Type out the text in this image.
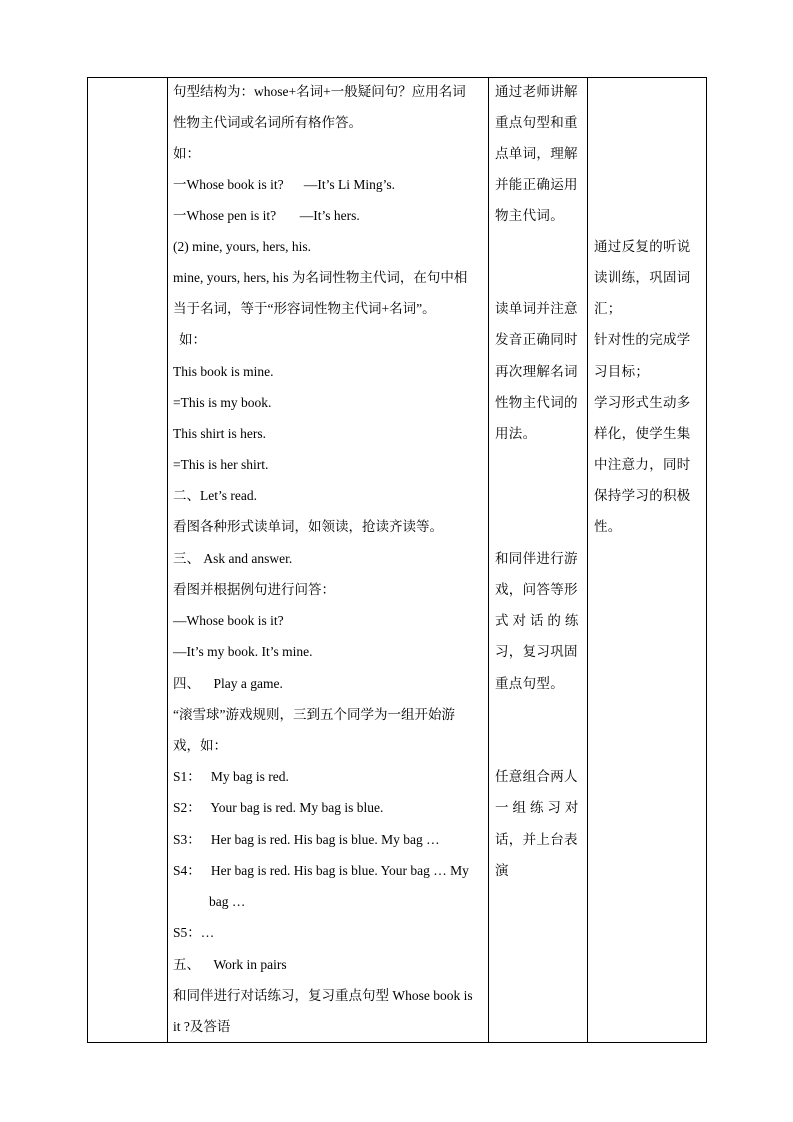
句型结构为：whose+名词+一般疑问句？应用名词
性物主代词或名词所有格作答。
如：
一Whose book is it?      —It’s Li Ming’s.
一Whose pen is it?       —It’s hers.
(2) mine, yours, hers, his.
mine, yours, hers, his 为名词性物主代词，在句中相
当于名词，等于“形容词性物主代词+名词”。
如：
This book is mine.
=This is my book.
This shirt is hers.
=This is her shirt.
二、Let’s read.
看图各种形式读单词，如领读，抢读齐读等。
三、 Ask and answer.
看图并根据例句进行问答：
—Whose book is it?
—It’s my book. It’s mine.
四、    Play a game.
“滚雪球”游戏规则，三到五个同学为一组开始游
戏，如：
S1：   My bag is red.
S2：   Your bag is red. My bag is blue.
S3：   Her bag is red. His bag is blue. My bag …
S4：   Her bag is red. His bag is blue. Your bag … My
bag …
S5：…
五、    Work in pairs
和同伴进行对话练习，复习重点句型 Whose book is
it ?及答语
通过老师讲解
重点句型和重
点单词，理解
并能正确运用
物主代词。
读单词并注意
发音正确同时
再次理解名词
性物主代词的
用法。
和同伴进行游
戏，问答等形
式 对 话 的 练
习，复习巩固
重点句型。
任意组合两人
一 组 练 习 对
话，并上台表
演
通过反复的听说
读训练，巩固词
汇；
针对性的完成学
习目标；
学习形式生动多
样化，使学生集
中注意力，同时
保持学习的积极
性。
